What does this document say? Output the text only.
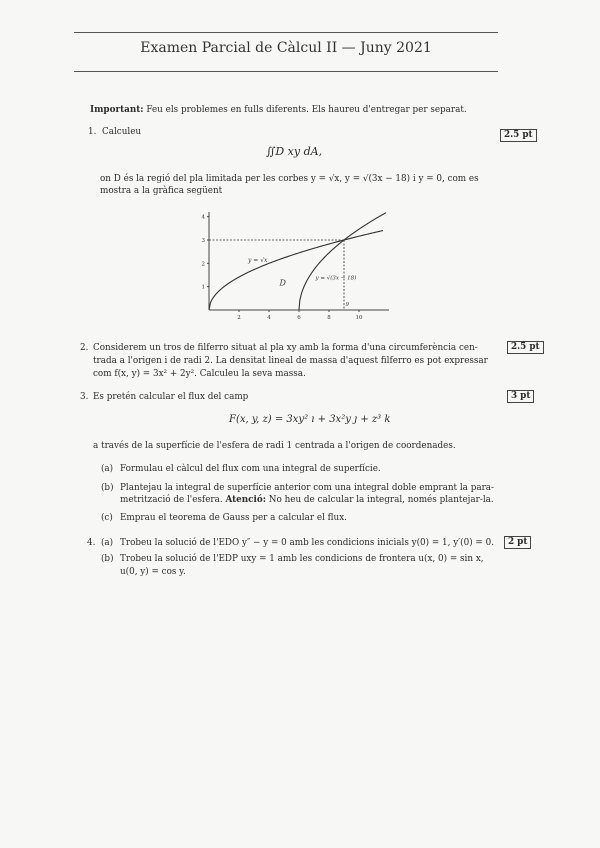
Examen Parcial de Càlcul II — Juny 2021
Important: Feu els problemes en fulls diferents. Els haureu d'entregar per separat.
1. Calculeu	2.5 pt
∬D xy dA,
on D és la regió del pla limitada per les corbes y = √x, y = √(3x − 18) i y = 0, com es
mostra a la gràfica següent
2	4	6	8	10
1
2
3
4
y = √x
y = √(3x − 18)
D
9
2.	2.5 pt
Considerem un tros de filferro situat al pla xy amb la forma d'una circumferència cen-
trada a l'origen i de radi 2. La densitat lineal de massa d'aquest filferro es pot expressar
com f(x, y) = 3x² + 2y². Calculeu la seva massa.
3. Es pretén calcular el flux del camp	3 pt
F(x, y, z) = 3xy² ı + 3x²y ȷ + z³ k
a través de la superfície de l'esfera de radi 1 centrada a l'origen de coordenades.
(a) Formulau el càlcul del flux com una integral de superfície.
(b) Plantejau la integral de superfície anterior com una integral doble emprant la para-
metrització de l'esfera. Atenció: No heu de calcular la integral, només plantejar-la.
(c) Emprau el teorema de Gauss per a calcular el flux.
4. (a) Trobeu la solució de l'EDO y″ − y = 0 amb les condicions inicials y(0) = 1, y′(0) = 0.	2 pt
(b) Trobeu la solució de l'EDP uxy = 1 amb les condicions de frontera u(x, 0) = sin x,
u(0, y) = cos y.
